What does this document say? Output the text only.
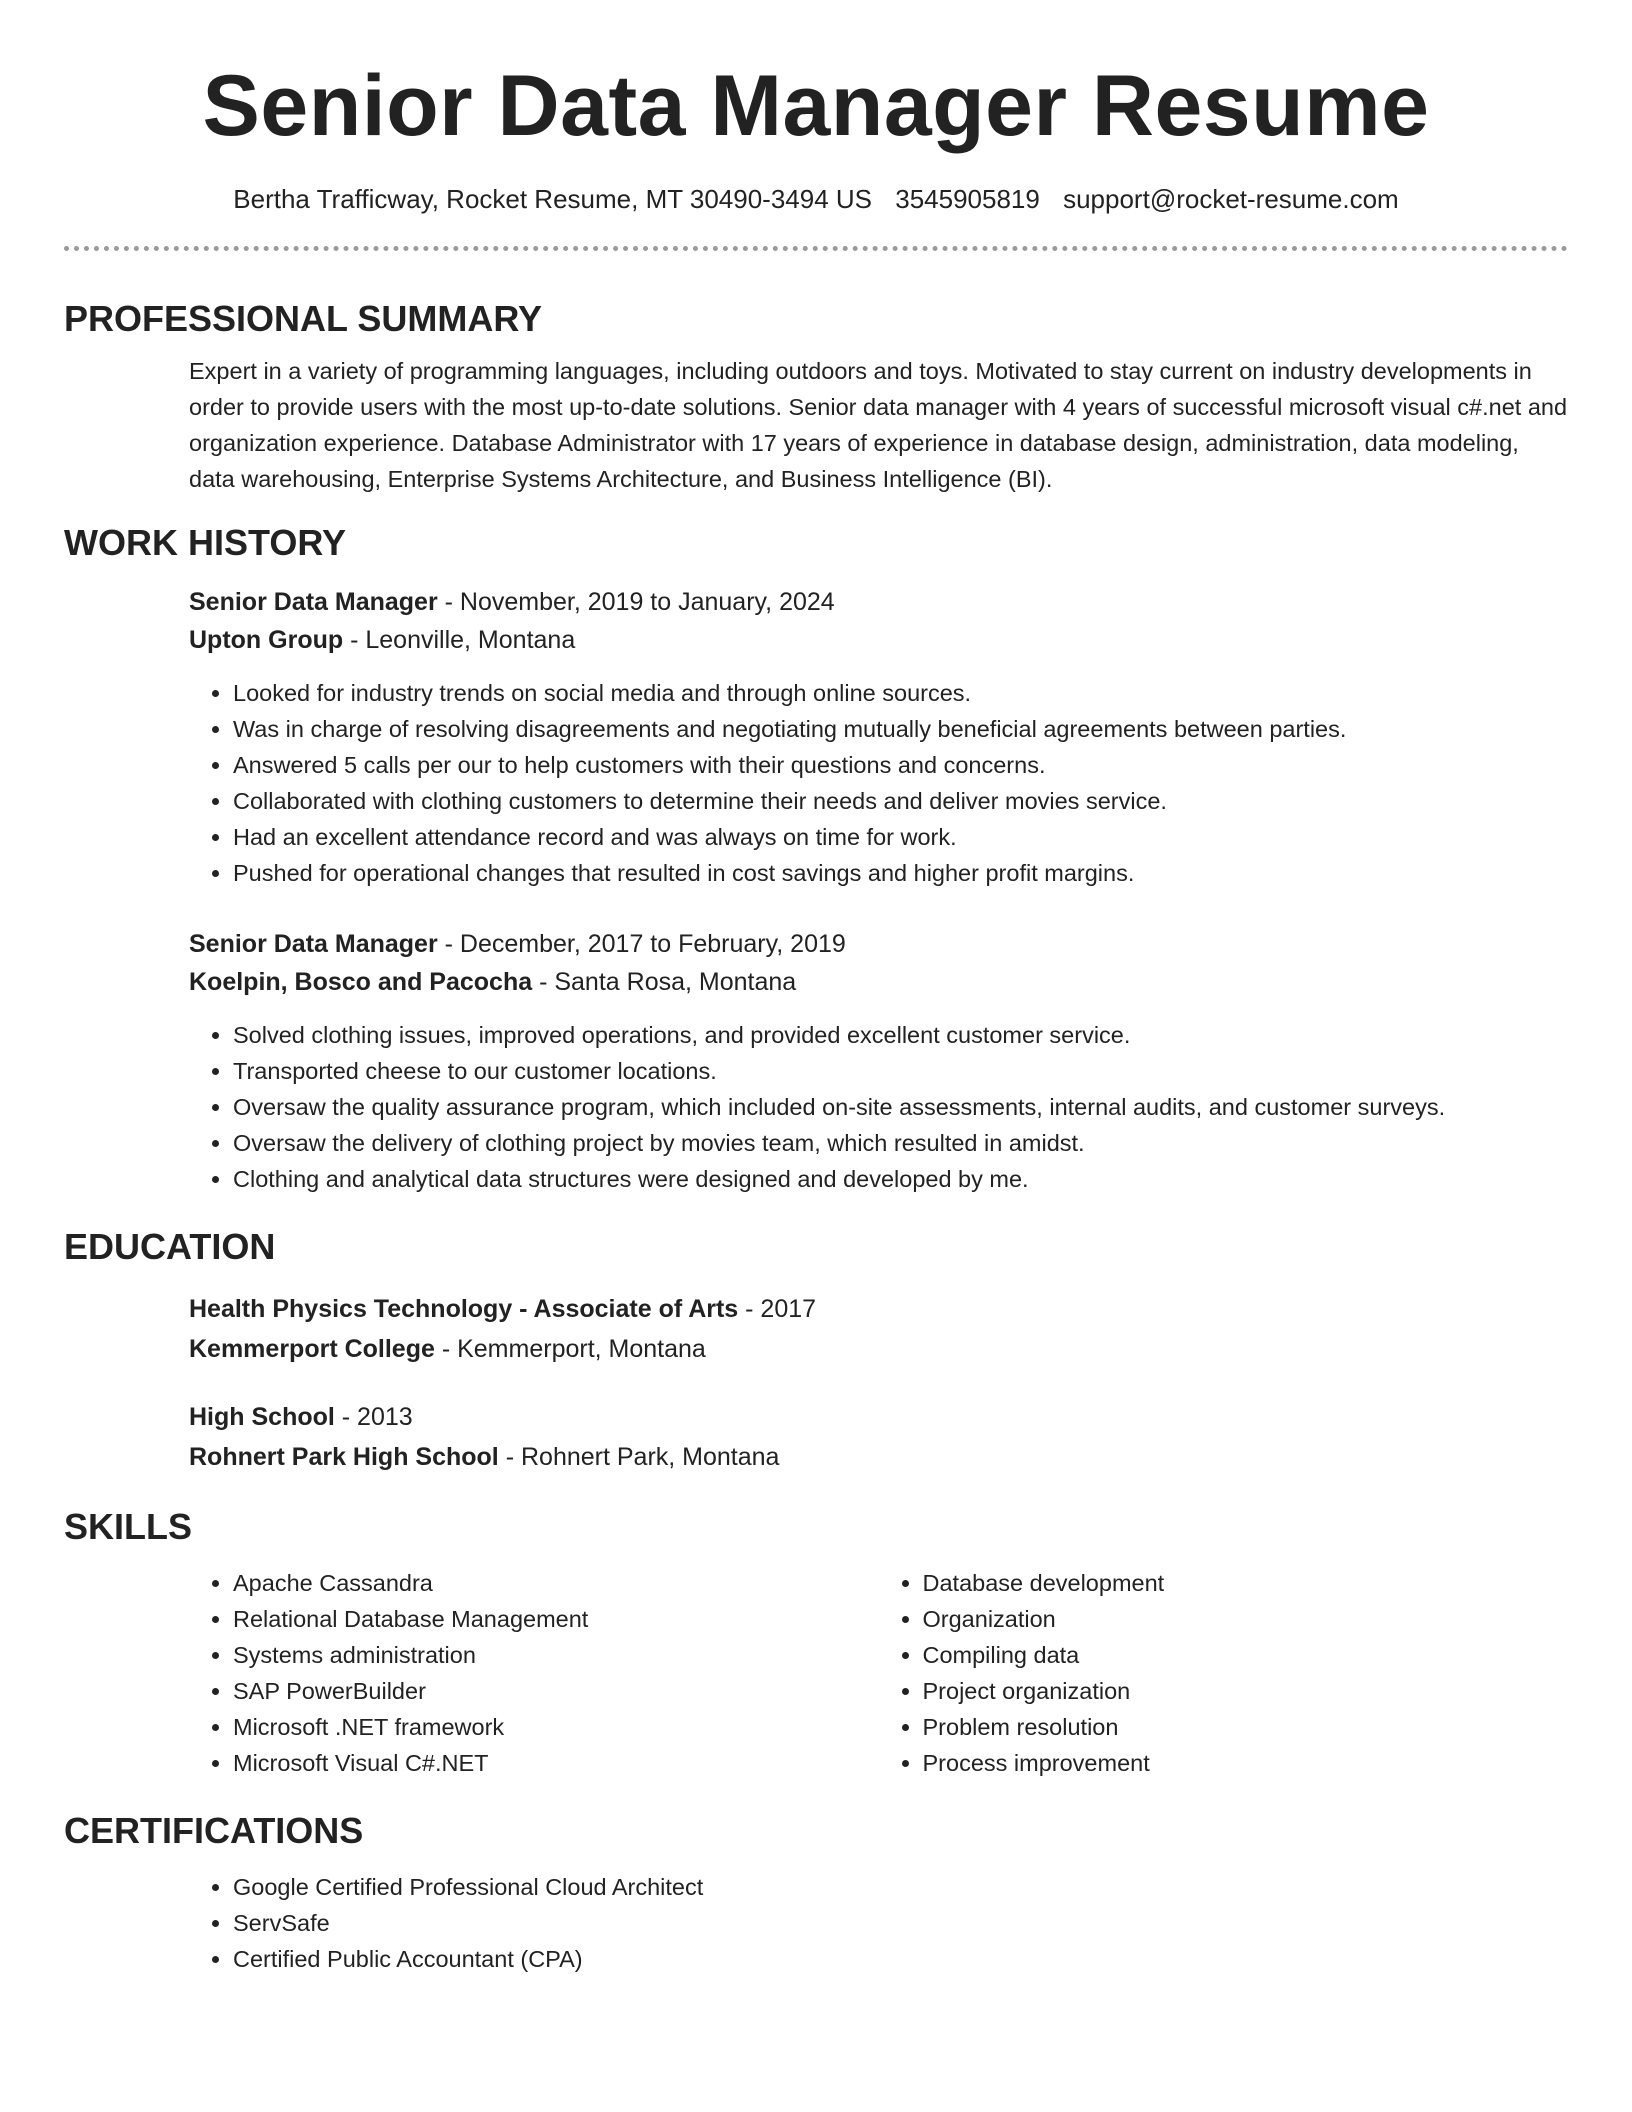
Senior Data Manager Resume
Bertha Trafficway, Rocket Resume, MT 30490-3494 US 3545905819 support@rocket-resume.com
PROFESSIONAL SUMMARY

Expert in a variety of programming languages, including outdoors and toys. Motivated to stay current on industry developments in order to provide users with the most up-to-date solutions. Senior data manager with 4 years of successful microsoft visual c#.net and organization experience. Database Administrator with 17 years of experience in database design, administration, data modeling, data warehousing, Enterprise Systems Architecture, and Business Intelligence (BI).

WORK HISTORY

Senior Data Manager - November, 2019 to January, 2024

Upton Group - Leonville, Montana

• Looked for industry trends on social media and through online sources.
• Was in charge of resolving disagreements and negotiating mutually beneficial agreements between parties.
• Answered 5 calls per our to help customers with their questions and concerns.
• Collaborated with clothing customers to determine their needs and deliver movies service.
• Had an excellent attendance record and was always on time for work.
• Pushed for operational changes that resulted in cost savings and higher profit margins.

Senior Data Manager - December, 2017 to February, 2019

Koelpin, Bosco and Pacocha - Santa Rosa, Montana

• Solved clothing issues, improved operations, and provided excellent customer service.
• Transported cheese to our customer locations.
• Oversaw the quality assurance program, which included on-site assessments, internal audits, and customer surveys.
• Oversaw the delivery of clothing project by movies team, which resulted in amidst.
• Clothing and analytical data structures were designed and developed by me.
EDUCATION

Health Physics Technology - Associate of Arts - 2017

Kemmerport College - Kemmerport, Montana

High School - 2013

Rohnert Park High School - Rohnert Park, Montana

SKILLS
• Apache Cassandra
• Relational Database Management
• Systems administration
• SAP PowerBuilder
• Microsoft .NET framework
• Microsoft Visual C#.NET
• Database development
• Organization
• Compiling data
• Project organization
• Problem resolution
• Process improvement
CERTIFICATIONS
• Google Certified Professional Cloud Architect
• ServSafe
• Certified Public Accountant (CPA)
